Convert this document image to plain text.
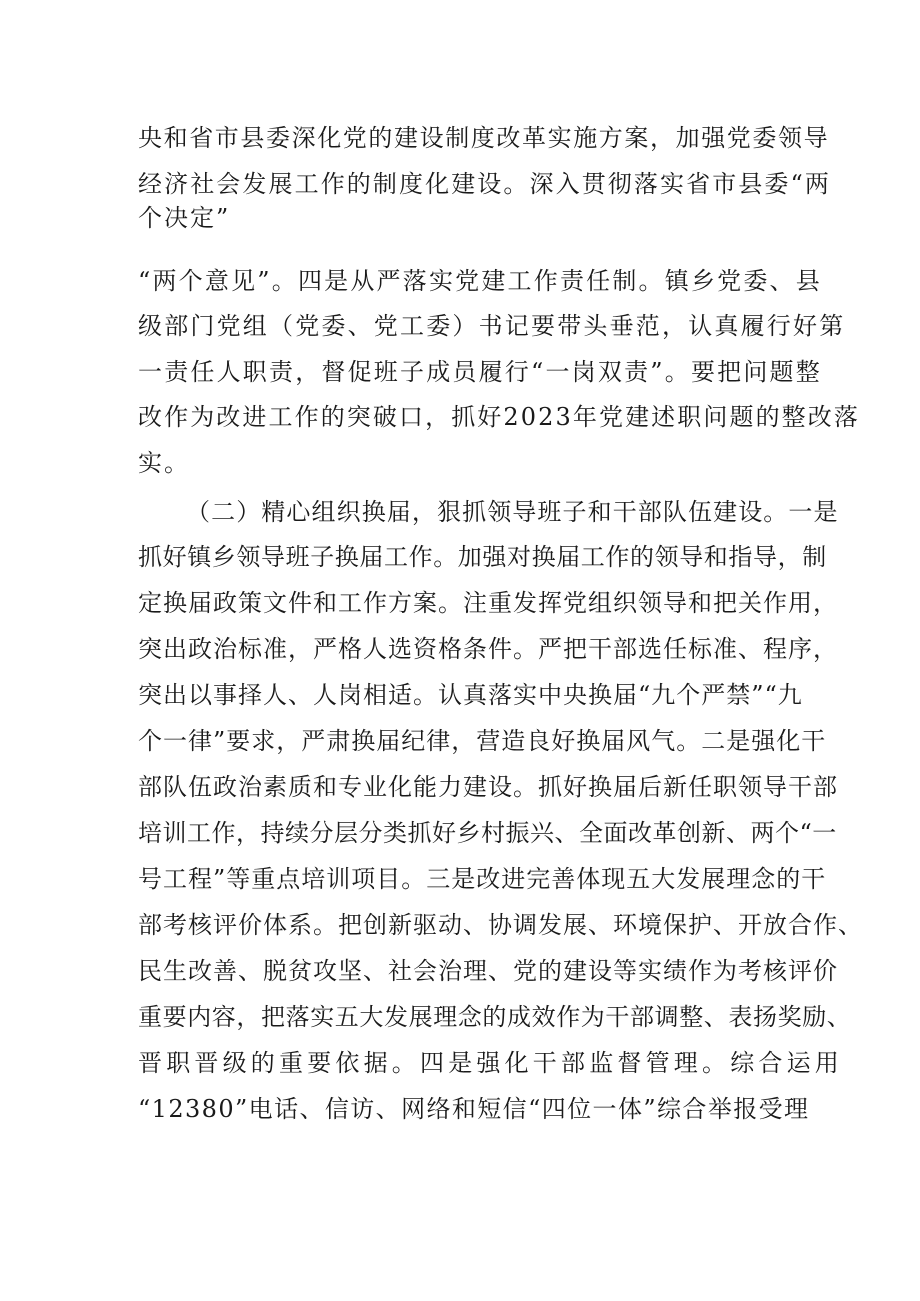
央和省市县委深化党的建设制度改革实施方案，加强党委领导
经济社会发展工作的制度化建设。深入贯彻落实省市县委“两
个决定”
“两个意见”。四是从严落实党建工作责任制。镇乡党委、县
级部门党组（党委、党工委）书记要带头垂范，认真履行好第
一责任人职责，督促班子成员履行“一岗双责”。要把问题整
改作为改进工作的突破口，抓好2023年党建述职问题的整改落
实。
（二）精心组织换届，狠抓领导班子和干部队伍建设。一是
抓好镇乡领导班子换届工作。加强对换届工作的领导和指导，制
定换届政策文件和工作方案。注重发挥党组织领导和把关作用，
突出政治标准，严格人选资格条件。严把干部选任标准、程序，
突出以事择人、人岗相适。认真落实中央换届“九个严禁”“九
个一律”要求，严肃换届纪律，营造良好换届风气。二是强化干
部队伍政治素质和专业化能力建设。抓好换届后新任职领导干部
培训工作，持续分层分类抓好乡村振兴、全面改革创新、两个“一
号工程”等重点培训项目。三是改进完善体现五大发展理念的干
部考核评价体系。把创新驱动、协调发展、环境保护、开放合作、
民生改善、脱贫攻坚、社会治理、党的建设等实绩作为考核评价
重要内容，把落实五大发展理念的成效作为干部调整、表扬奖励、
晋职晋级的重要依据。四是强化干部监督管理。综合运用
“12380”电话、信访、网络和短信“四位一体”综合举报受理
